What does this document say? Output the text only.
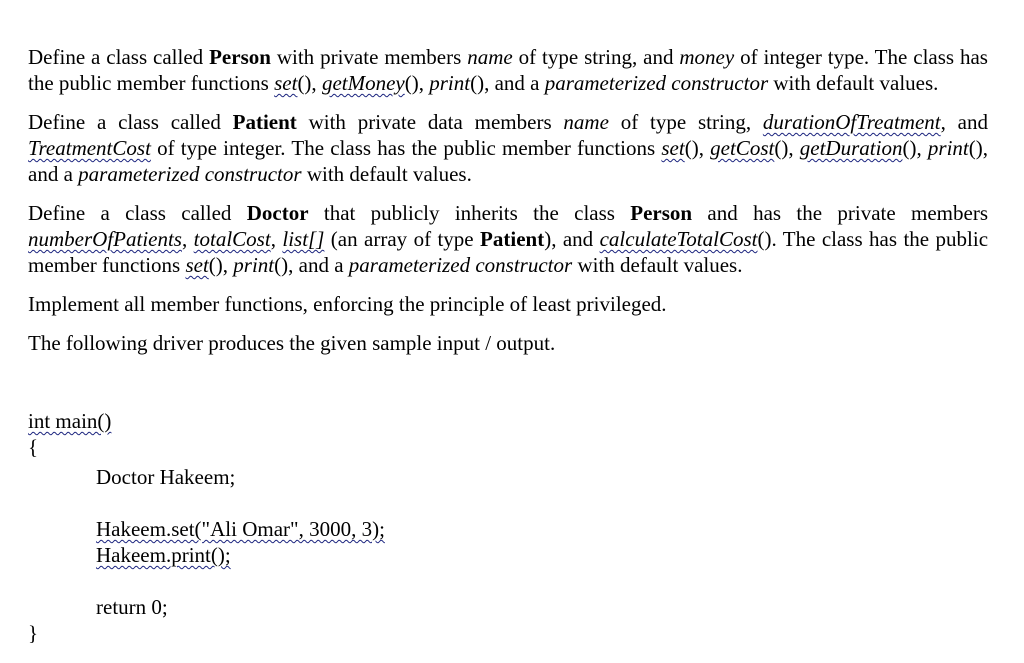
Define a class called Person with private members name of type string, and money of integer type. The class has the public member functions set(), getMoney(), print(), and a parameterized constructor with default values.

Define a class called Patient with private data members name of type string, durationOfTreatment, and TreatmentCost of type integer. The class has the public member functions set(), getCost(), getDuration(), print(), and a parameterized constructor with default values.

Define a class called Doctor that publicly inherits the class Person and has the private members numberOfPatients, totalCost, list[] (an array of type Patient), and calculateTotalCost(). The class has the public member functions set(), print(), and a parameterized constructor with default values.

Implement all member functions, enforcing the principle of least privileged.

The following driver produces the given sample input / output.

int main()
{
Doctor Hakeem;
Hakeem.set("Ali Omar", 3000, 3);
Hakeem.print();
return 0;
}
